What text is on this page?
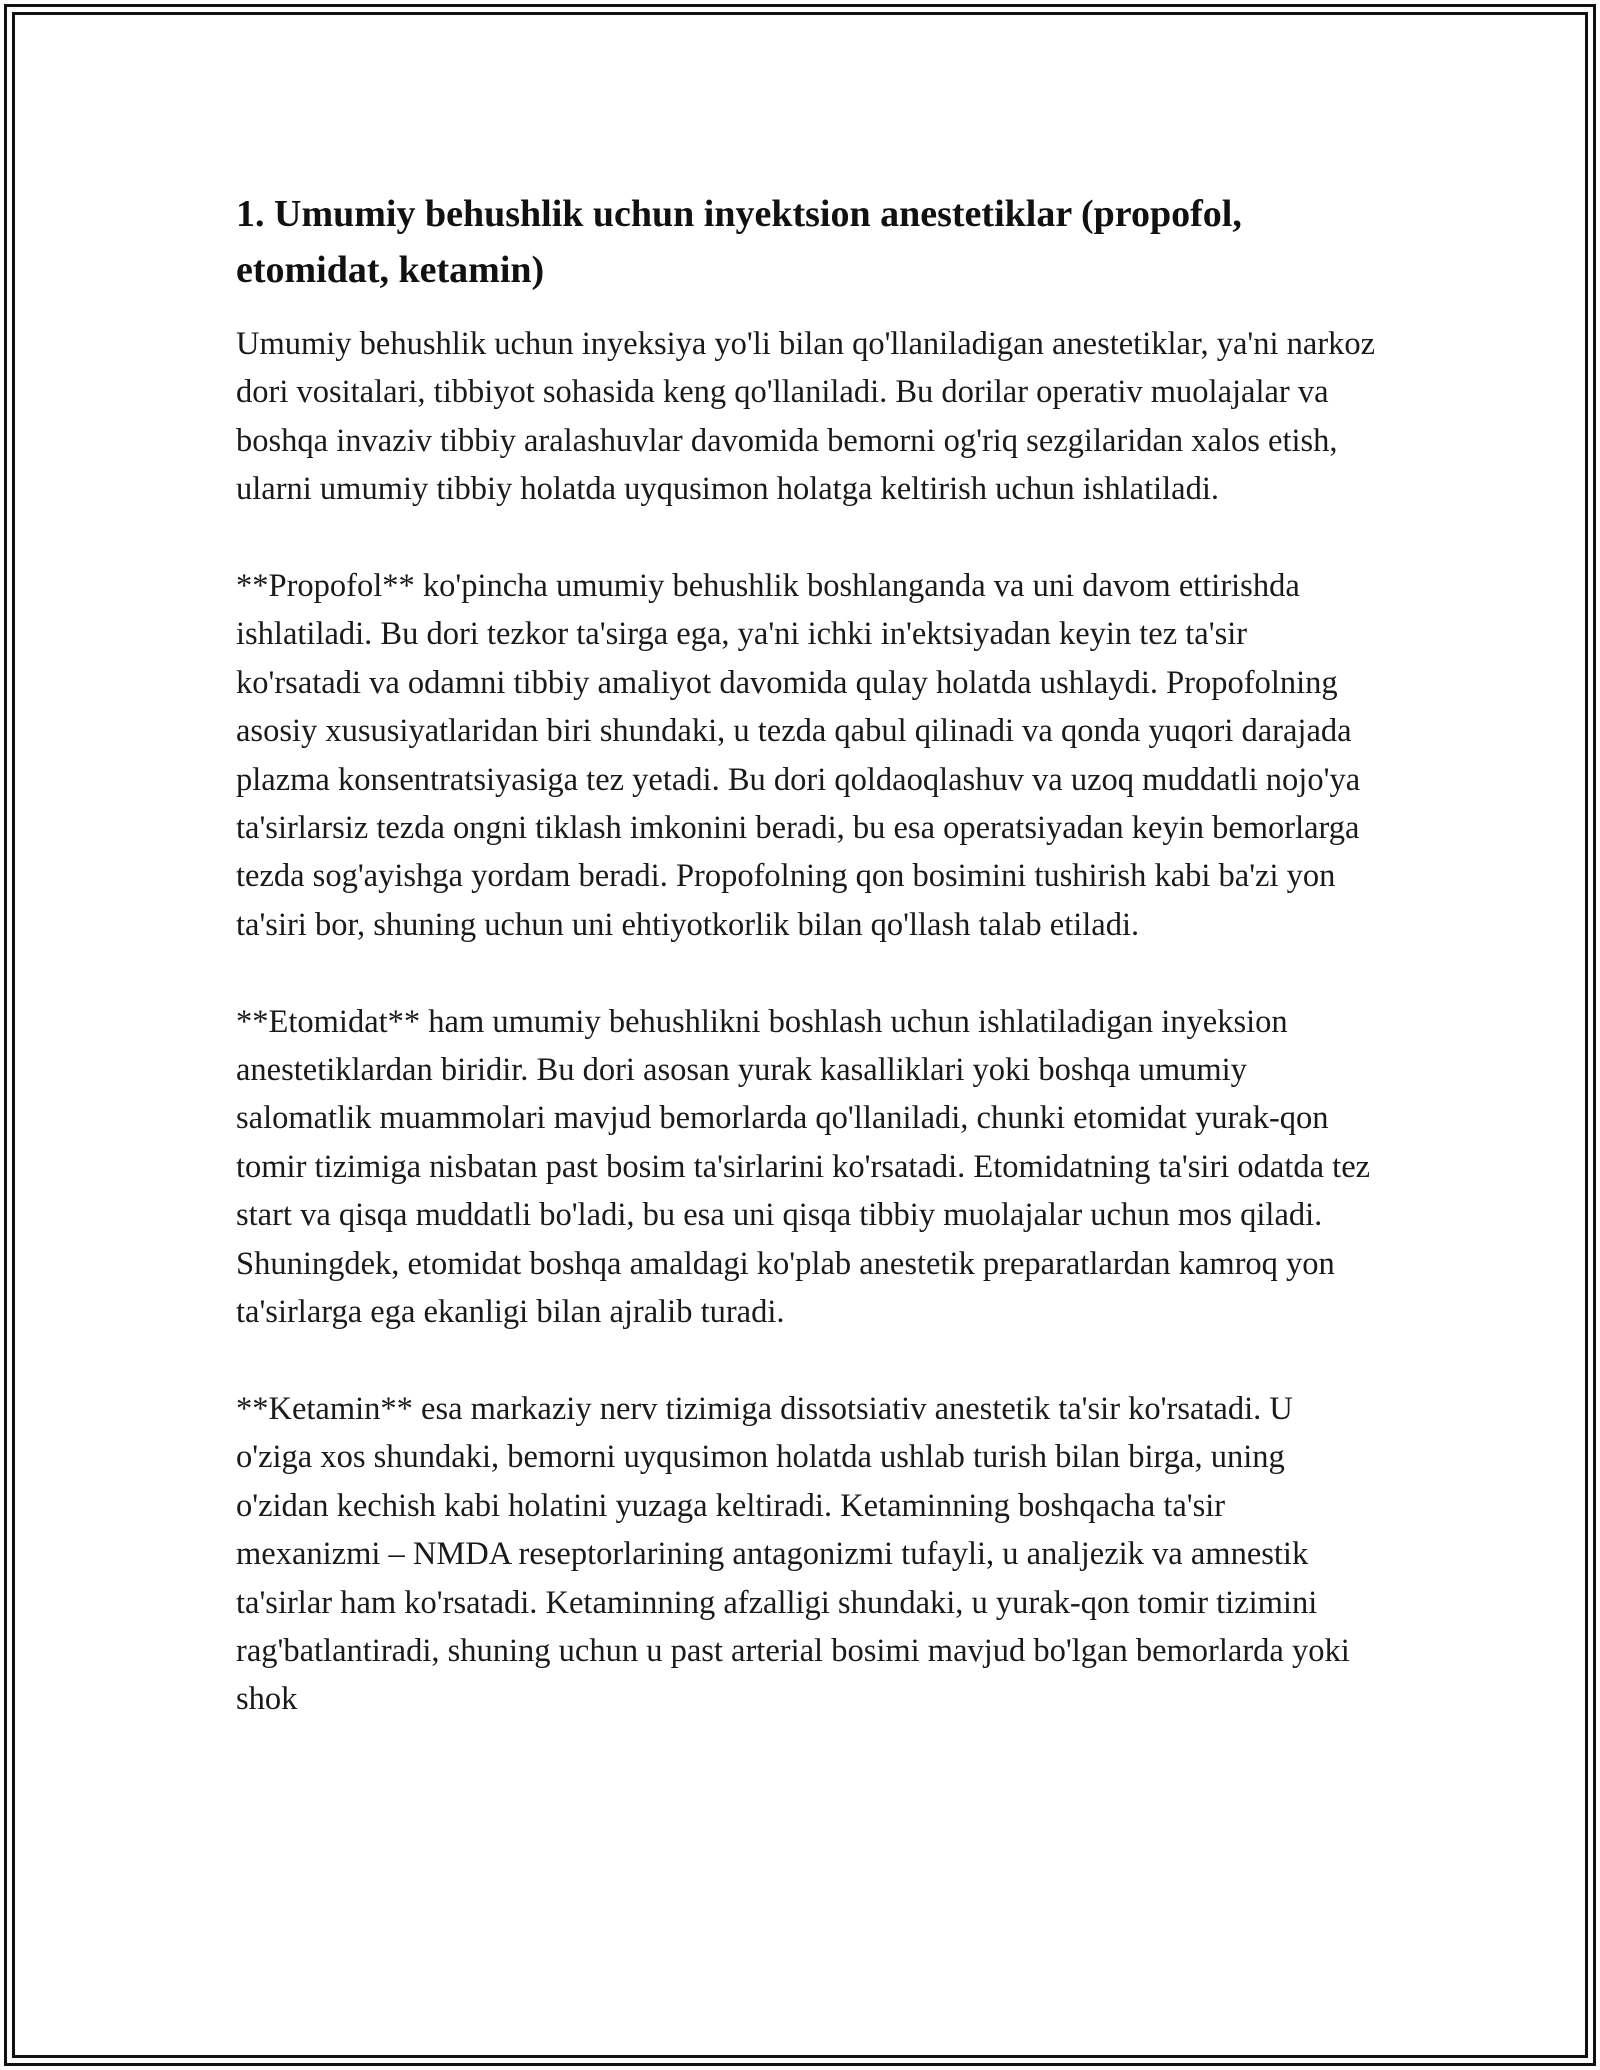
1. Umumiy behushlik uchun inyektsion anestetiklar (propofol, etomidat, ketamin)

Umumiy behushlik uchun inyeksiya yo'li bilan qo'llaniladigan anestetiklar, ya'ni narkoz dori vositalari, tibbiyot sohasida keng qo'llaniladi. Bu dorilar operativ muolajalar va boshqa invaziv tibbiy aralashuvlar davomida bemorni og'riq sezgilaridan xalos etish, ularni umumiy tibbiy holatda uyqusimon holatga keltirish uchun ishlatiladi.

**Propofol** ko'pincha umumiy behushlik boshlanganda va uni davom ettirishda ishlatiladi. Bu dori tezkor ta'sirga ega, ya'ni ichki in'ektsiyadan keyin tez ta'sir ko'rsatadi va odamni tibbiy amaliyot davomida qulay holatda ushlaydi. Propofolning asosiy xususiyatlaridan biri shundaki, u tezda qabul qilinadi va qonda yuqori darajada plazma konsentratsiyasiga tez yetadi. Bu dori qoldaoqlashuv va uzoq muddatli nojo'ya ta'sirlarsiz tezda ongni tiklash imkonini beradi, bu esa operatsiyadan keyin bemorlarga tezda sog'ayishga yordam beradi. Propofolning qon bosimini tushirish kabi ba'zi yon ta'siri bor, shuning uchun uni ehtiyotkorlik bilan qo'llash talab etiladi.

**Etomidat** ham umumiy behushlikni boshlash uchun ishlatiladigan inyeksion anestetiklardan biridir. Bu dori asosan yurak kasalliklari yoki boshqa umumiy salomatlik muammolari mavjud bemorlarda qo'llaniladi, chunki etomidat yurak-qon tomir tizimiga nisbatan past bosim ta'sirlarini ko'rsatadi. Etomidatning ta'siri odatda tez start va qisqa muddatli bo'ladi, bu esa uni qisqa tibbiy muolajalar uchun mos qiladi. Shuningdek, etomidat boshqa amaldagi ko'plab anestetik preparatlardan kamroq yon ta'sirlarga ega ekanligi bilan ajralib turadi.

**Ketamin** esa markaziy nerv tizimiga dissotsiativ anestetik ta'sir ko'rsatadi. U o'ziga xos shundaki, bemorni uyqusimon holatda ushlab turish bilan birga, uning o'zidan kechish kabi holatini yuzaga keltiradi. Ketaminning boshqacha ta'sir mexanizmi – NMDA reseptorlarining antagonizmi tufayli, u analjezik va amnestik ta'sirlar ham ko'rsatadi. Ketaminning afzalligi shundaki, u yurak-qon tomir tizimini rag'batlantiradi, shuning uchun u past arterial bosimi mavjud bo'lgan bemorlarda yoki shok
